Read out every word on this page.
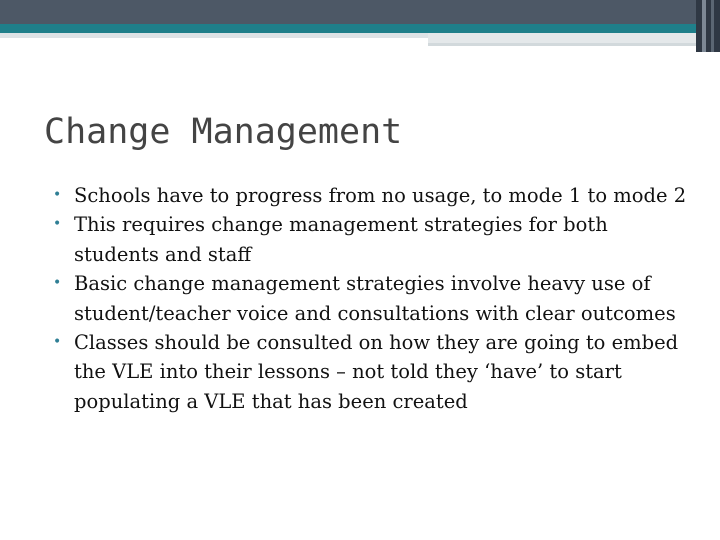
Change Management
• Schools have to progress from no usage, to mode 1 to mode 2
• This requires change management strategies for both students and staff
• Basic change management strategies involve heavy use of student/teacher voice and consultations with clear outcomes
• Classes should be consulted on how they are going to embed the VLE into their lessons – not told they ‘have’ to start populating a VLE that has been created
